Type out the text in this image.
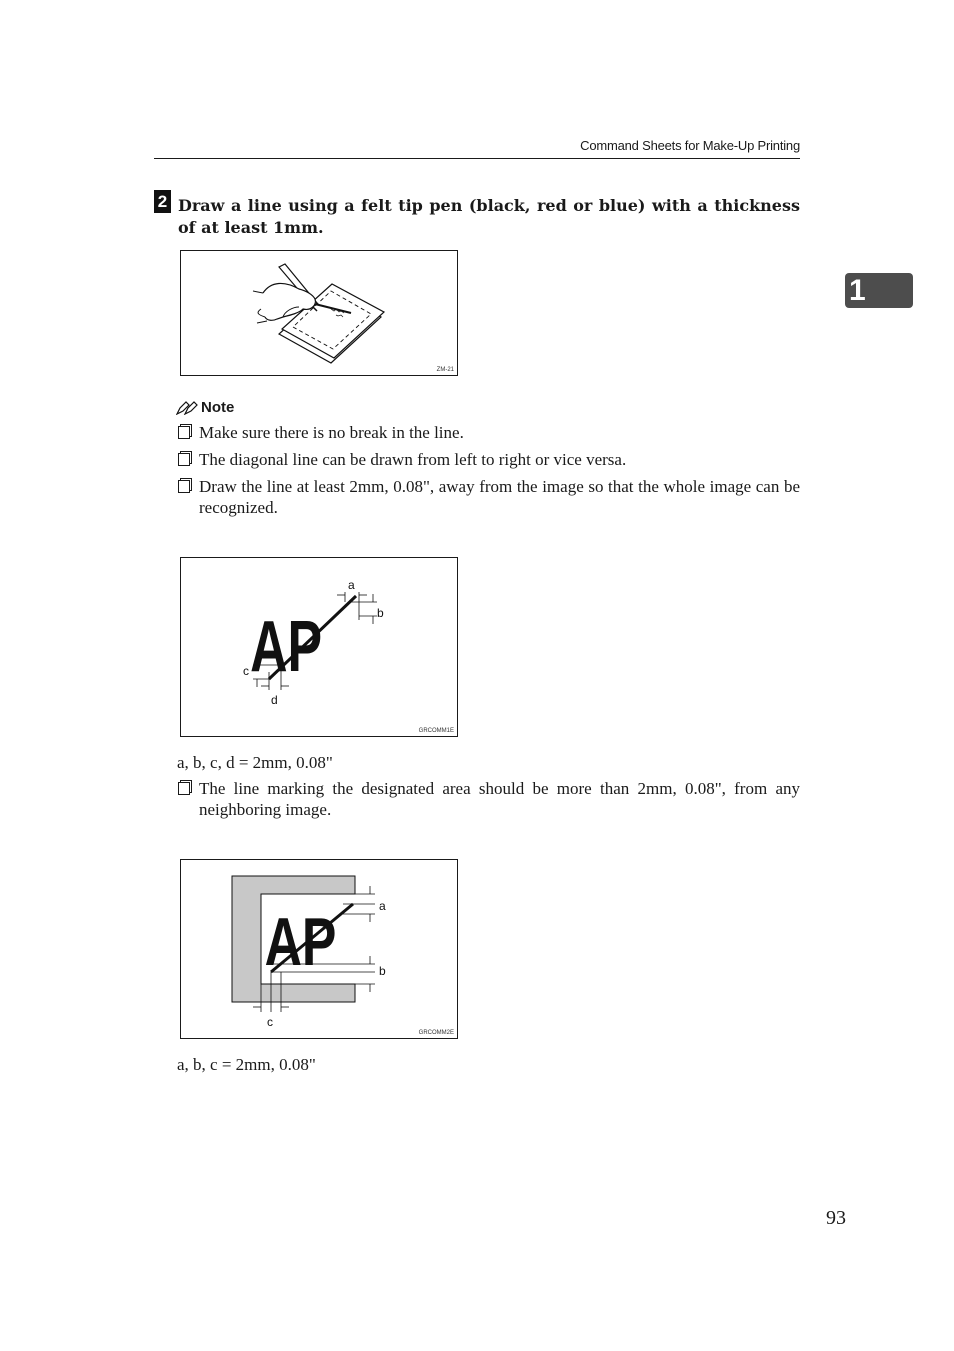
Command Sheets for Make-Up Printing
1
2 Draw a line using a felt tip pen (black, red or blue) with a thickness of at least 1mm.
ZM-21
Note
Make sure there is no break in the line.
The diagonal line can be drawn from left to right or vice versa.
Draw the line at least 2mm, 0.08", away from the image so that the whole image can be recognized.
AP
a
b
c
d
GRCOMM1E
a, b, c, d = 2mm, 0.08"
The line marking the designated area should be more than 2mm, 0.08", from any neighboring image.
AP	a
b
c
GRCOMM2E
a, b, c = 2mm, 0.08"
93
